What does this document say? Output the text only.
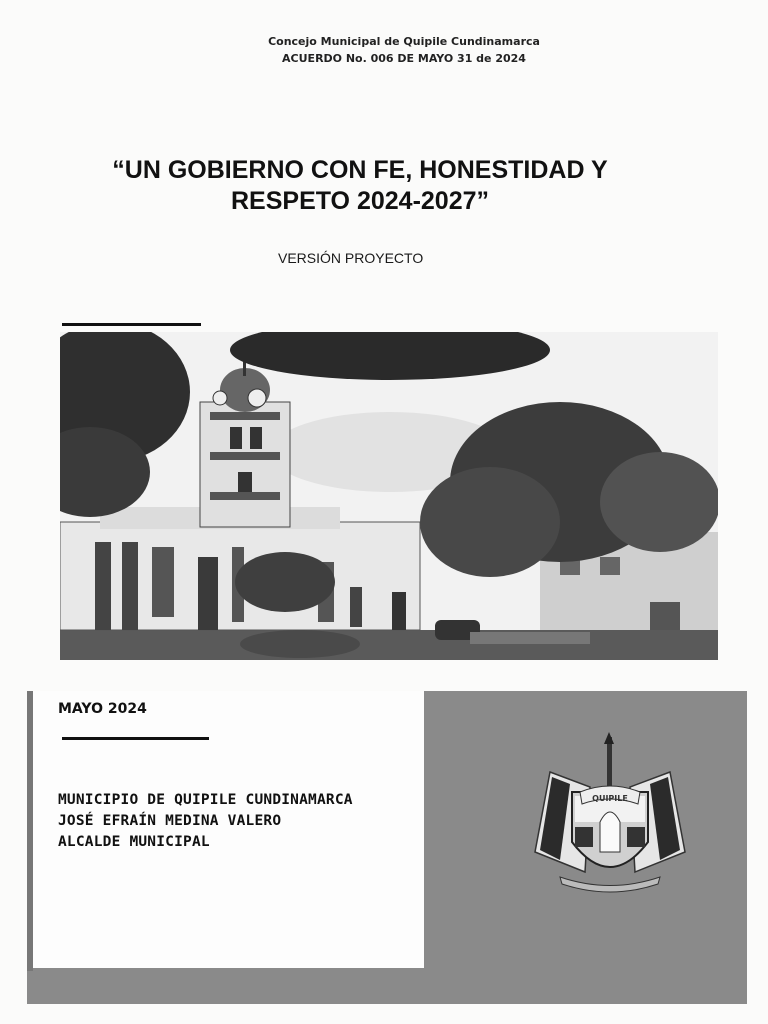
Concejo Municipal de Quipile Cundinamarca
ACUERDO No. 006 DE MAYO 31 de 2024
“UN GOBIERNO CON FE, HONESTIDAD Y
RESPETO 2024-2027”
VERSIÓN PROYECTO
MAYO 2024
MUNICIPIO DE QUIPILE CUNDINAMARCA
JOSÉ EFRAÍN MEDINA VALERO
ALCALDE MUNICIPAL
QUIPILE
